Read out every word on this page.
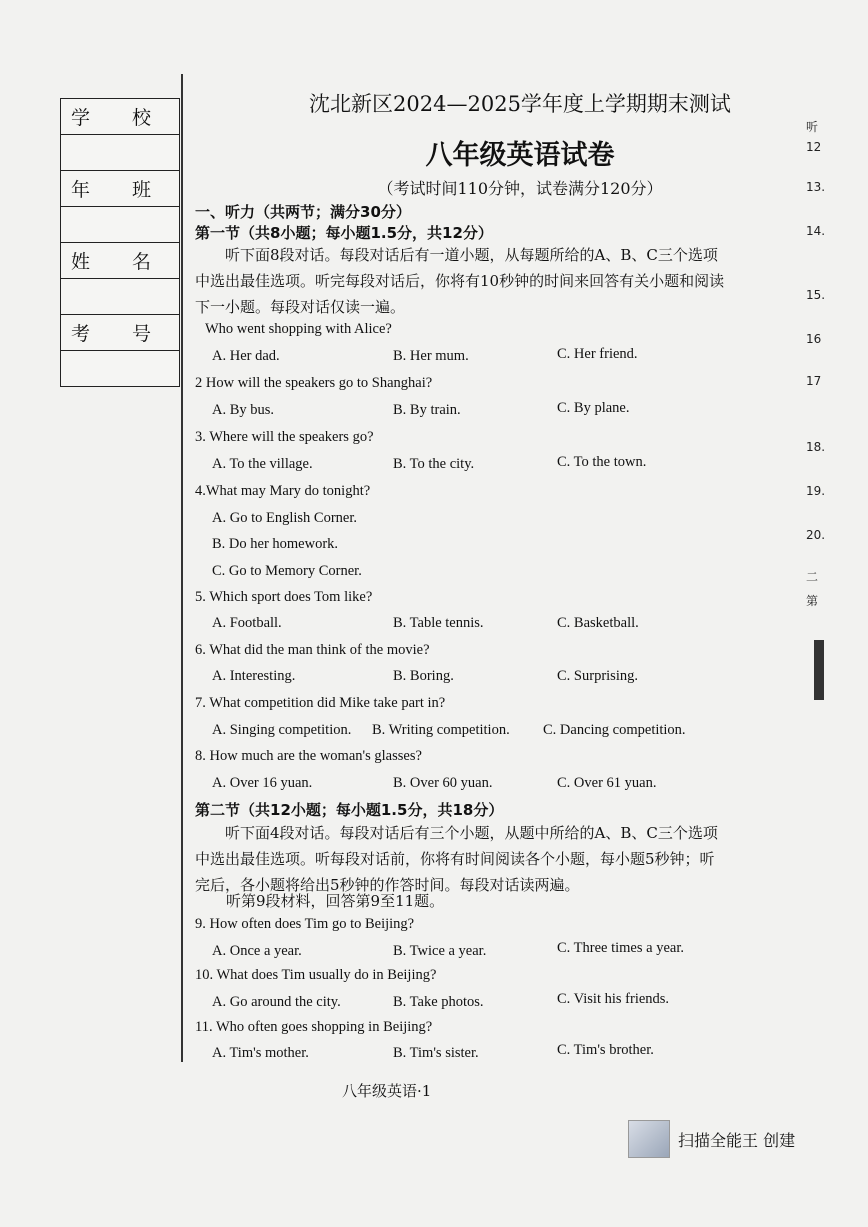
学 校
年 班
姓 名
考 号
沈北新区2024—2025学年度上学期期末测试
八年级英语试卷
（考试时间110分钟，试卷满分120分）
一、听力（共两节；满分30分）
第一节（共8小题；每小题1.5分，共12分）
听下面8段对话。每段对话后有一道小题，从每题所给的A、B、C三个选项中选出最佳选项。听完每段对话后，你将有10秒钟的时间来回答有关小题和阅读下一小题。每段对话仅读一遍。
Who went shopping with Alice?
A. Her dad.	B. Her mum.	C. Her friend.
2 How will the speakers go to Shanghai?
A. By bus.	B. By train.	C. By plane.
3. Where will the speakers go?
A. To the village.	B. To the city.	C. To the town.
4.What may Mary do tonight?
A. Go to English Corner.
B. Do her homework.
C. Go to Memory Corner.
5. Which sport does Tom like?
A. Football.	B. Table tennis.	C. Basketball.
6. What did the man think of the movie?
A. Interesting.	B. Boring.	C. Surprising.
7. What competition did Mike take part in?
A. Singing competition. B. Writing competition. C. Dancing competition.
8. How much are the woman's glasses?
A. Over 16 yuan.	B. Over 60 yuan.	C. Over 61 yuan.
第二节（共12小题；每小题1.5分，共18分）
听下面4段对话。每段对话后有三个小题，从题中所给的A、B、C三个选项中选出最佳选项。听每段对话前，你将有时间阅读各个小题，每小题5秒钟；听完后，各小题将给出5秒钟的作答时间。每段对话读两遍。
听第9段材料，回答第9至11题。
9. How often does Tim go to Beijing?
A. Once a year.	B. Twice a year.	C. Three times a year.
10. What does Tim usually do in Beijing?
A. Go around the city.	B. Take photos.	C. Visit his friends.
11. Who often goes shopping in Beijing?
A. Tim's mother.	B. Tim's sister.	C. Tim's brother.
八年级英语·1
扫描全能王 创建
听
12
13.
14.
15.
16
17
18.
19.
20.
二
第
